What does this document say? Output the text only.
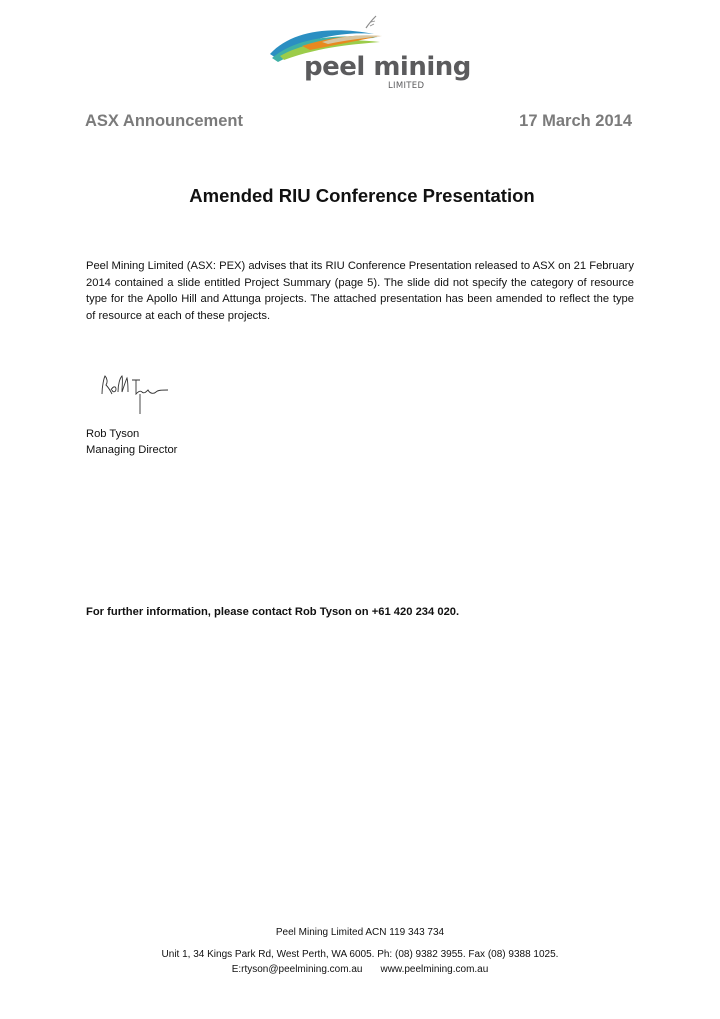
peel mining
LIMITED
ASX Announcement	17 March 2014
Amended RIU Conference Presentation
Peel Mining Limited (ASX: PEX) advises that its RIU Conference Presentation released to ASX on 21 February 2014 contained a slide entitled Project Summary (page 5). The slide did not specify the category of resource type for the Apollo Hill and Attunga projects. The attached presentation has been amended to reflect the type of resource at each of these projects.
Rob Tyson
Managing Director
For further information, please contact Rob Tyson on +61 420 234 020.
Peel Mining Limited ACN 119 343 734
Unit 1, 34 Kings Park Rd, West Perth, WA 6005. Ph: (08) 9382 3955. Fax (08) 9388 1025.
E:rtyson@peelmining.com.au www.peelmining.com.au
